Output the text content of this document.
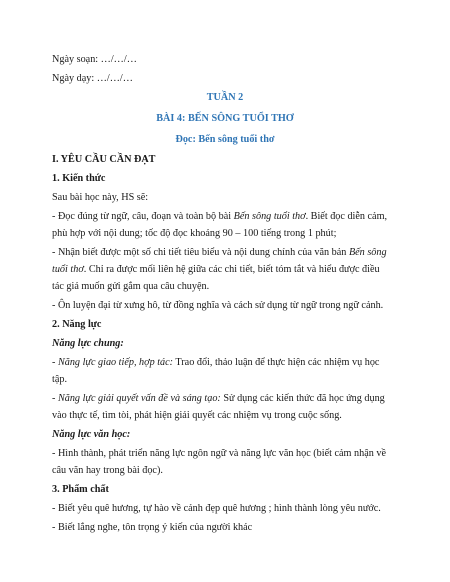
Ngày soạn: …/…/…
Ngày dạy: …/…/…
TUẦN 2
BÀI 4: BẾN SÔNG TUỔI THƠ
Đọc: Bến sông tuổi thơ
I. YÊU CẦU CẦN ĐẠT
1. Kiến thức
Sau bài học này, HS sẽ:
- Đọc đúng từ ngữ, câu, đoạn và toàn bộ bài Bến sông tuổi thơ. Biết đọc diễn cảm,
phù hợp với nội dung; tốc độ đọc khoảng 90 – 100 tiếng trong 1 phút;
- Nhận biết được một số chi tiết tiêu biểu và nội dung chính của văn bản Bến sông
tuổi thơ. Chỉ ra được mối liên hệ giữa các chi tiết, biết tóm tắt và hiểu được điều
tác giả muốn gửi gắm qua câu chuyện.
- Ôn luyện đại từ xưng hô, từ đồng nghĩa và cách sử dụng từ ngữ trong ngữ cảnh.
2. Năng lực
Năng lực chung:
- Năng lực giao tiếp, hợp tác: Trao đổi, thảo luận để thực hiện các nhiệm vụ học
tập.
- Năng lực giải quyết vấn đề và sáng tạo: Sử dụng các kiến thức đã học ứng dụng
vào thực tế, tìm tòi, phát hiện giải quyết các nhiệm vụ trong cuộc sống.
Năng lực văn học:
- Hình thành, phát triển năng lực ngôn ngữ và năng lực văn học (biết cảm nhận về
câu văn hay trong bài đọc).
3. Phẩm chất
- Biết yêu quê hương, tự hào về cảnh đẹp quê hương ; hình thành lòng yêu nước.
- Biết lắng nghe, tôn trọng ý kiến của người khác
